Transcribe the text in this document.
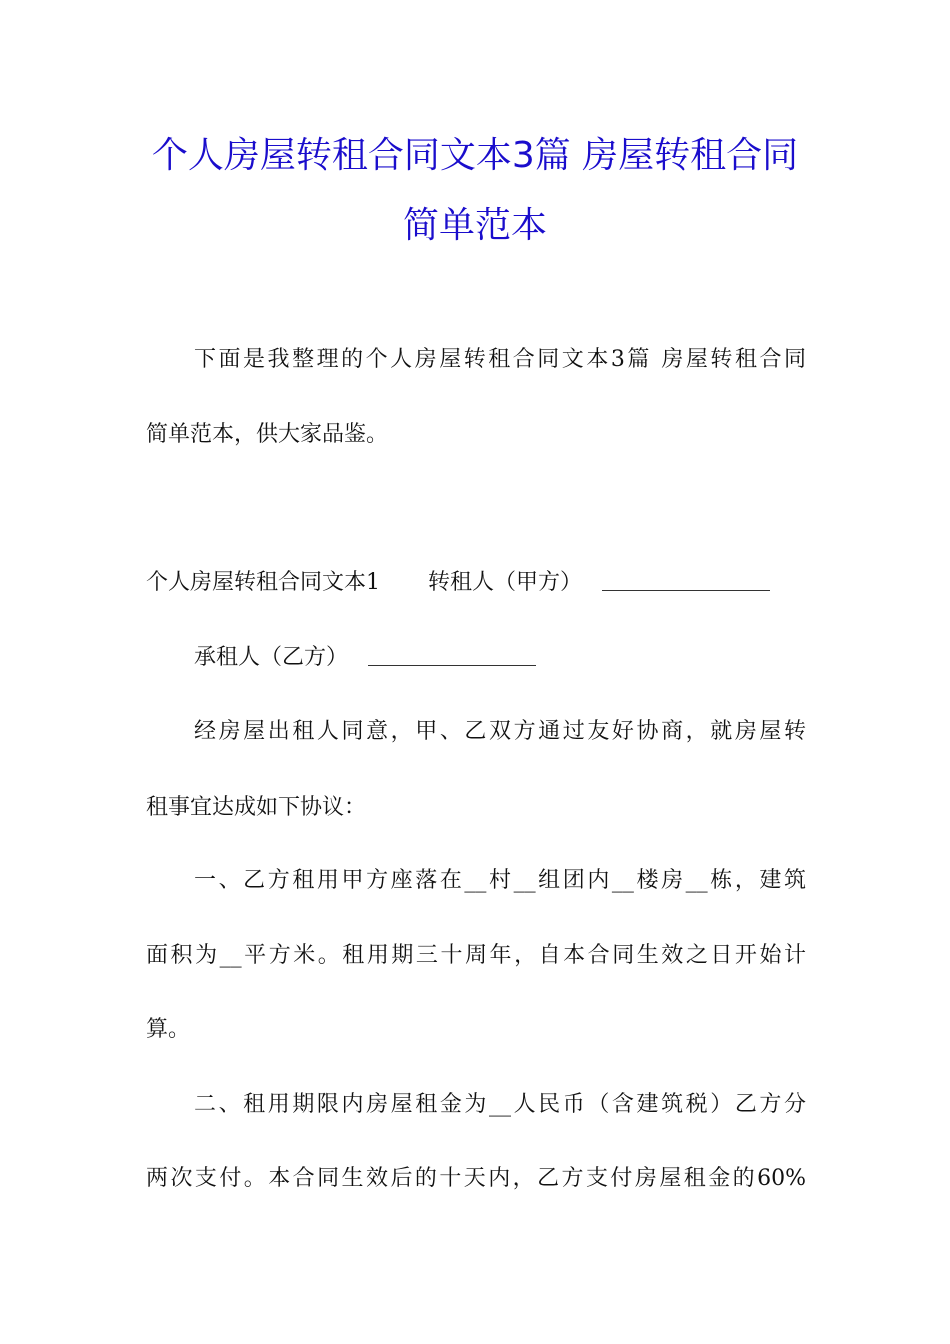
个人房屋转租合同文本3篇 房屋转租合同
简单范本
下面是我整理的个人房屋转租合同文本3篇 房屋转租合同
简单范本，供大家品鉴。
个人房屋转租合同文本1 转租人（甲方）
承租人（乙方）
经房屋出租人同意，甲、乙双方通过友好协商，就房屋转
租事宜达成如下协议：
一、乙方租用甲方座落在__村__组团内__楼房__栋，建筑
面积为__平方米。租用期三十周年，自本合同生效之日开始计
算。
二、租用期限内房屋租金为__人民币（含建筑税）乙方分
两次支付。本合同生效后的十天内，乙方支付房屋租金的60%
